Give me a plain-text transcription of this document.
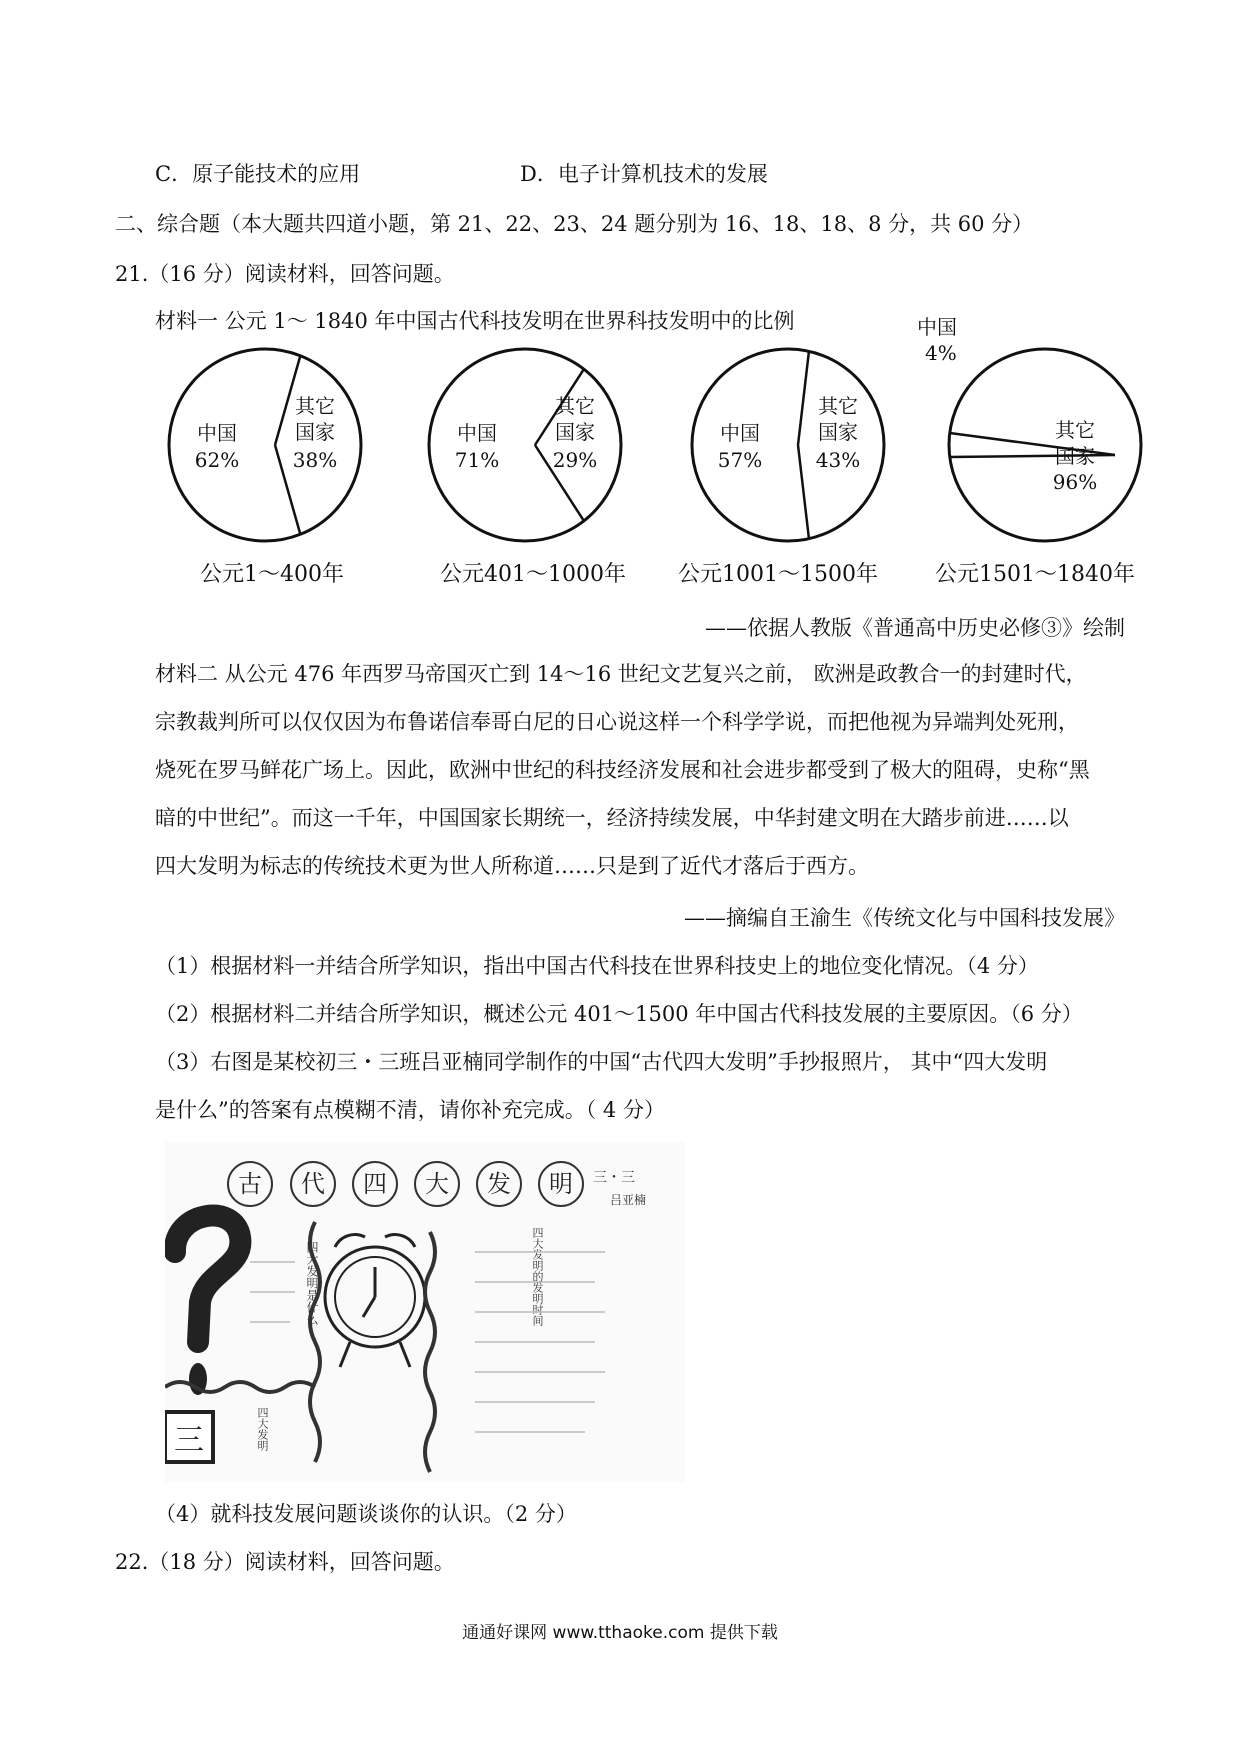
C．原子能技术的应用	D．电子计算机技术的发展
二、综合题（本大题共四道小题，第 21、22、23、24 题分别为 16、18、18、8 分，共 60 分）
21.（16 分）阅读材料，回答问题。
材料一 公元 1～ 1840 年中国古代科技发明在世界科技发明中的比例
其它
国家
38%
中国
62%
公元1～400年
其它
国家
29%
中国
71%
公元401～1000年
其它
国家
43%
中国
57%
公元1001～1500年
其它
国家
96%
中国
4%
公元1501～1840年
——依据人教版《普通高中历史必修③》绘制

材料二 从公元 476 年西罗马帝国灭亡到 14～16 世纪文艺复兴之前， 欧洲是政教合一的封建时代，

宗教裁判所可以仅仅因为布鲁诺信奉哥白尼的日心说这样一个科学学说，而把他视为异端判处死刑，

烧死在罗马鲜花广场上。因此，欧洲中世纪的科技经济发展和社会进步都受到了极大的阻碍，史称“黑

暗的中世纪”。而这一千年，中国国家长期统一，经济持续发展，中华封建文明在大踏步前进……以

四大发明为标志的传统技术更为世人所称道……只是到了近代才落后于西方。

——摘编自王渝生《传统文化与中国科技发展》
（1）根据材料一并结合所学知识，指出中国古代科技在世界科技史上的地位变化情况。（4 分）
（2）根据材料二并结合所学知识，概述公元 401～1500 年中国古代科技发展的主要原因。（6 分）
（3）右图是某校初三・三班吕亚楠同学制作的中国“古代四大发明”手抄报照片， 其中“四大发明
是什么”的答案有点模糊不清，请你补充完成。（ 4 分）
古 代 四 大 发 明 三・三
吕亚楠
四大发明是什么
四大发明的发明时间
三
四大发明
（4）就科技发展问题谈谈你的认识。（2 分）
22.（18 分）阅读材料，回答问题。
通通好课网 www.tthaoke.com 提供下载
